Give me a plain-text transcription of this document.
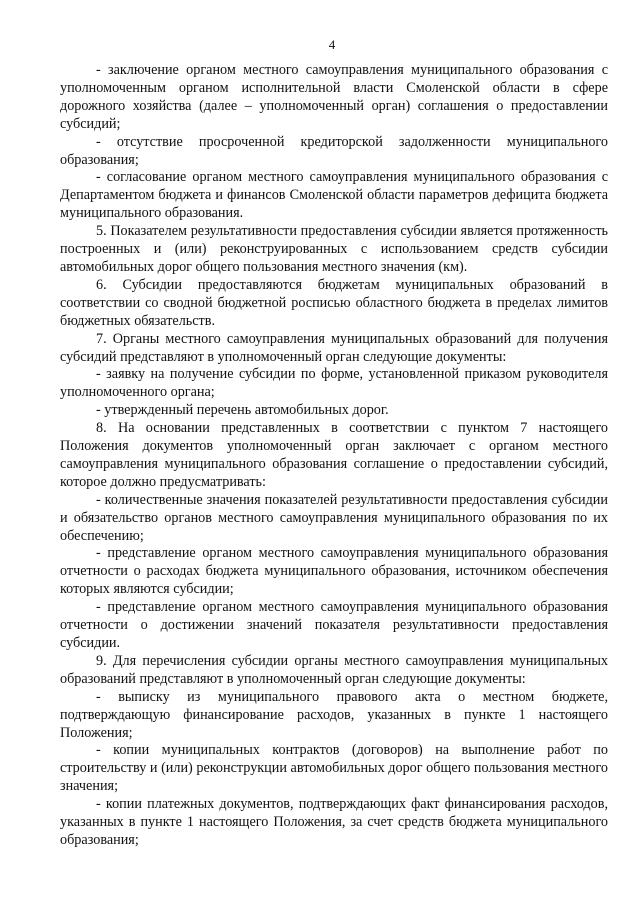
4

- заключение органом местного самоуправления муниципального образования с уполномоченным органом исполнительной власти Смоленской области в сфере дорожного хозяйства (далее – уполномоченный орган) соглашения о предоставлении субсидий;

- отсутствие просроченной кредиторской задолженности муниципального образования;

- согласование органом местного самоуправления муниципального образования с Департаментом бюджета и финансов Смоленской области параметров дефицита бюджета муниципального образования.

5. Показателем результативности предоставления субсидии является протяженность построенных и (или) реконструированных с использованием средств субсидии автомобильных дорог общего пользования местного значения (км).

6. Субсидии предоставляются бюджетам муниципальных образований в соответствии со сводной бюджетной росписью областного бюджета в пределах лимитов бюджетных обязательств.

7. Органы местного самоуправления муниципальных образований для получения субсидий представляют в уполномоченный орган следующие документы:

- заявку на получение субсидии по форме, установленной приказом руководителя уполномоченного органа;

- утвержденный перечень автомобильных дорог.

8. На основании представленных в соответствии с пунктом 7 настоящего Положения документов уполномоченный орган заключает с органом местного самоуправления муниципального образования соглашение о предоставлении субсидий, которое должно предусматривать:

- количественные значения показателей результативности предоставления субсидии и обязательство органов местного самоуправления муниципального образования по их обеспечению;

- представление органом местного самоуправления муниципального образования отчетности о расходах бюджета муниципального образования, источником обеспечения которых являются субсидии;

- представление органом местного самоуправления муниципального образования отчетности о достижении значений показателя результативности предоставления субсидии.

9. Для перечисления субсидии органы местного самоуправления муниципальных образований представляют в уполномоченный орган следующие документы:

- выписку из муниципального правового акта о местном бюджете, подтверждающую финансирование расходов, указанных в пункте 1 настоящего Положения;

- копии муниципальных контрактов (договоров) на выполнение работ по строительству и (или) реконструкции автомобильных дорог общего пользования местного значения;

- копии платежных документов, подтверждающих факт финансирования расходов, указанных в пункте 1 настоящего Положения, за счет средств бюджета муниципального образования;
